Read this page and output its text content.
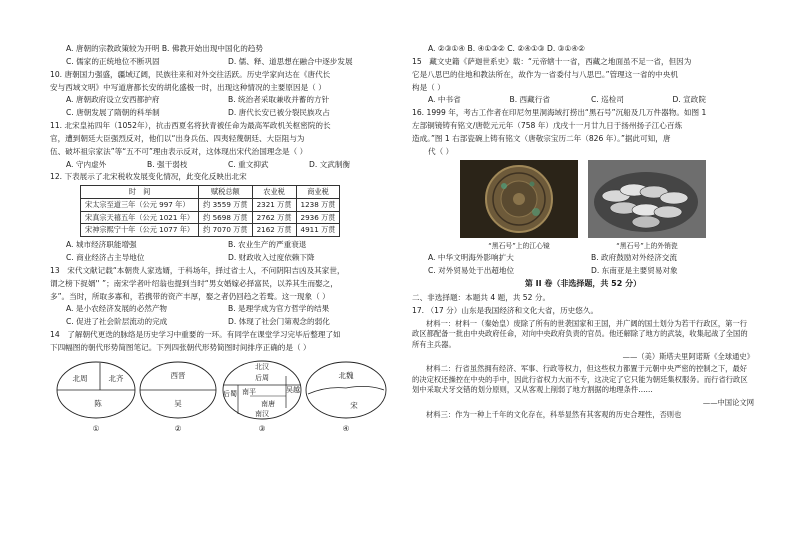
A. 唐朝的宗教政策较为开明 B. 佛教开始出现中国化的趋势
C. 儒家的正统地位不断巩固	D. 儒、释、道思想在融合中逐步发展
10. 唐朝国力强盛，疆域辽阔，民族往来和对外交往活跃。历史学家向达在《唐代长
安与西域文明》中写道唐都长安的胡化盛极一时，出现这种情况的主要原因是（ ）
A. 唐朝政府设立安西都护府	B. 统治者采取兼收并蓄的方针
C. 唐朝发展了隋朝的科举制	D. 唐代长安已被分裂民族攻占
11. 北宋皇祐四年（1052年），抗击西夏名将狄青被任命为最高军政机关枢密院的长
官，遭到朝廷大臣强烈反对，他们以“出身兵伍、四夷轻蔑朝廷、大臣阻与为
伍、破坏祖宗家法”等“五不可”理由表示反对，这体现出宋代治国理念是（ ）
A. 守内虚外	B. 强干弱枝	C. 重文抑武	D. 文武制衡
12. 下表展示了北宋税收发展变化情况，此变化反映出北宋
时　间	赋税总额	农业税	商业税
宋太宗至道三年（公元 997 年）	约 3559 万贯	2321 万贯	1238 万贯
宋真宗天禧五年（公元 1021 年）	约 5698 万贯	2762 万贯	2936 万贯
宋神宗熙宁十年（公元 1077 年）	约 7070 万贯	2162 万贯	4911 万贯
A. 城市经济职能增强	B. 农业生产的严重衰退
C. 商业经济占主导地位	D. 财政收入过度依赖下降
13　宋代文献记载“本朝贵人家选婿，于科场年，择过省士人，不问阴阳吉凶及其家世，
谓之榜下捉婿'' ”；南宋学者叶绍翁也提到当时“男女婚嫁必择富民，以养其生而娶之，
多”。当时，所取多寡和，若携带的资产丰厚，娶之者仍回趋之若鹜。这一现象（ ）
A. 是小农经济发展的必然产物	B. 是理学成为官方哲学的结果
C. 促进了社会阶层流动的完成	D. 体现了社会门第观念的弱化
14　了解朝代更迭的脉络是历史学习中重要的一环。有同学在课堂学习完毕后整理了如
下四幅图的朝代形势简图笔记。下列四张朝代形势简图时间排序正确的是（ ）
北周	北齐
陈
①
西晋
吴
②
北汉
后蜀
后周
吴越
南平
南唐
南汉
③
北魏
宋
④
A. ②③①④ B. ④①③② C. ②④①③ D. ③①④②
15　藏文史籍《萨迦世系史》载：“元帝辖十一省，西藏之地面虽不足一省，但因为
它是八思巴的住地和教法所在，故作为一省委付与八思巴。”管理这一省的中央机
构是（ ）
A. 中书省	B. 西藏行省	C. 巡检司	D. 宣政院
16. 1999 年，考古工作者在印尼勿里洞海域打捞出“黑石号”沉船及几万件器物。如图 1
左部铜镜铸有铭文/唐乾元元年（758 年）戊戌十一月廿九日于扬州扬子江心百炼
造成。”图 1 右部瓷碗上铸有铭文（唐敬宗宝历二年（826 年）。”据此可知，唐
代（ ）
“黑石号”上的江心镜	“黑石号”上的外销瓷
A. 中华文明海外影响扩大	B. 政府鼓励对外经济交流
C. 对外贸易处于出超地位	D. 东南亚是主要贸易对象
第 II 卷（非选择题，共 52 分）
二、非选择题：本题共 4 题，共 52 分。
17. （17 分）山东是我国经济和文化大省，历史悠久。
材料一：材料一（秦始皇）废除了所有的世袭国家和王国，并广阔的国土划分为若干行政区，第一行政区都配备一批由中央政府任命，对向中央政府负责的官员。他还解除了地方的武装，收集起战了全国的所有主兵器。
——（美）斯塔夫里阿诺斯《全球通史》
材料二：行省虽然拥有经济、军事、行政等权力，但这些权力都置于元朝中央严密的控制之下，最好的决定权还操控在中央的手中，因此行省权力大而不专，这决定了它只能为朝廷集权服务。而行省行政区划中采取犬牙交错的划分原则，又从客观上削弱了地方割据的地理条件……
——中国论文网
材料三：作为一种上千年的文化存在，科举显然有其客观的历史合理性，否则也
